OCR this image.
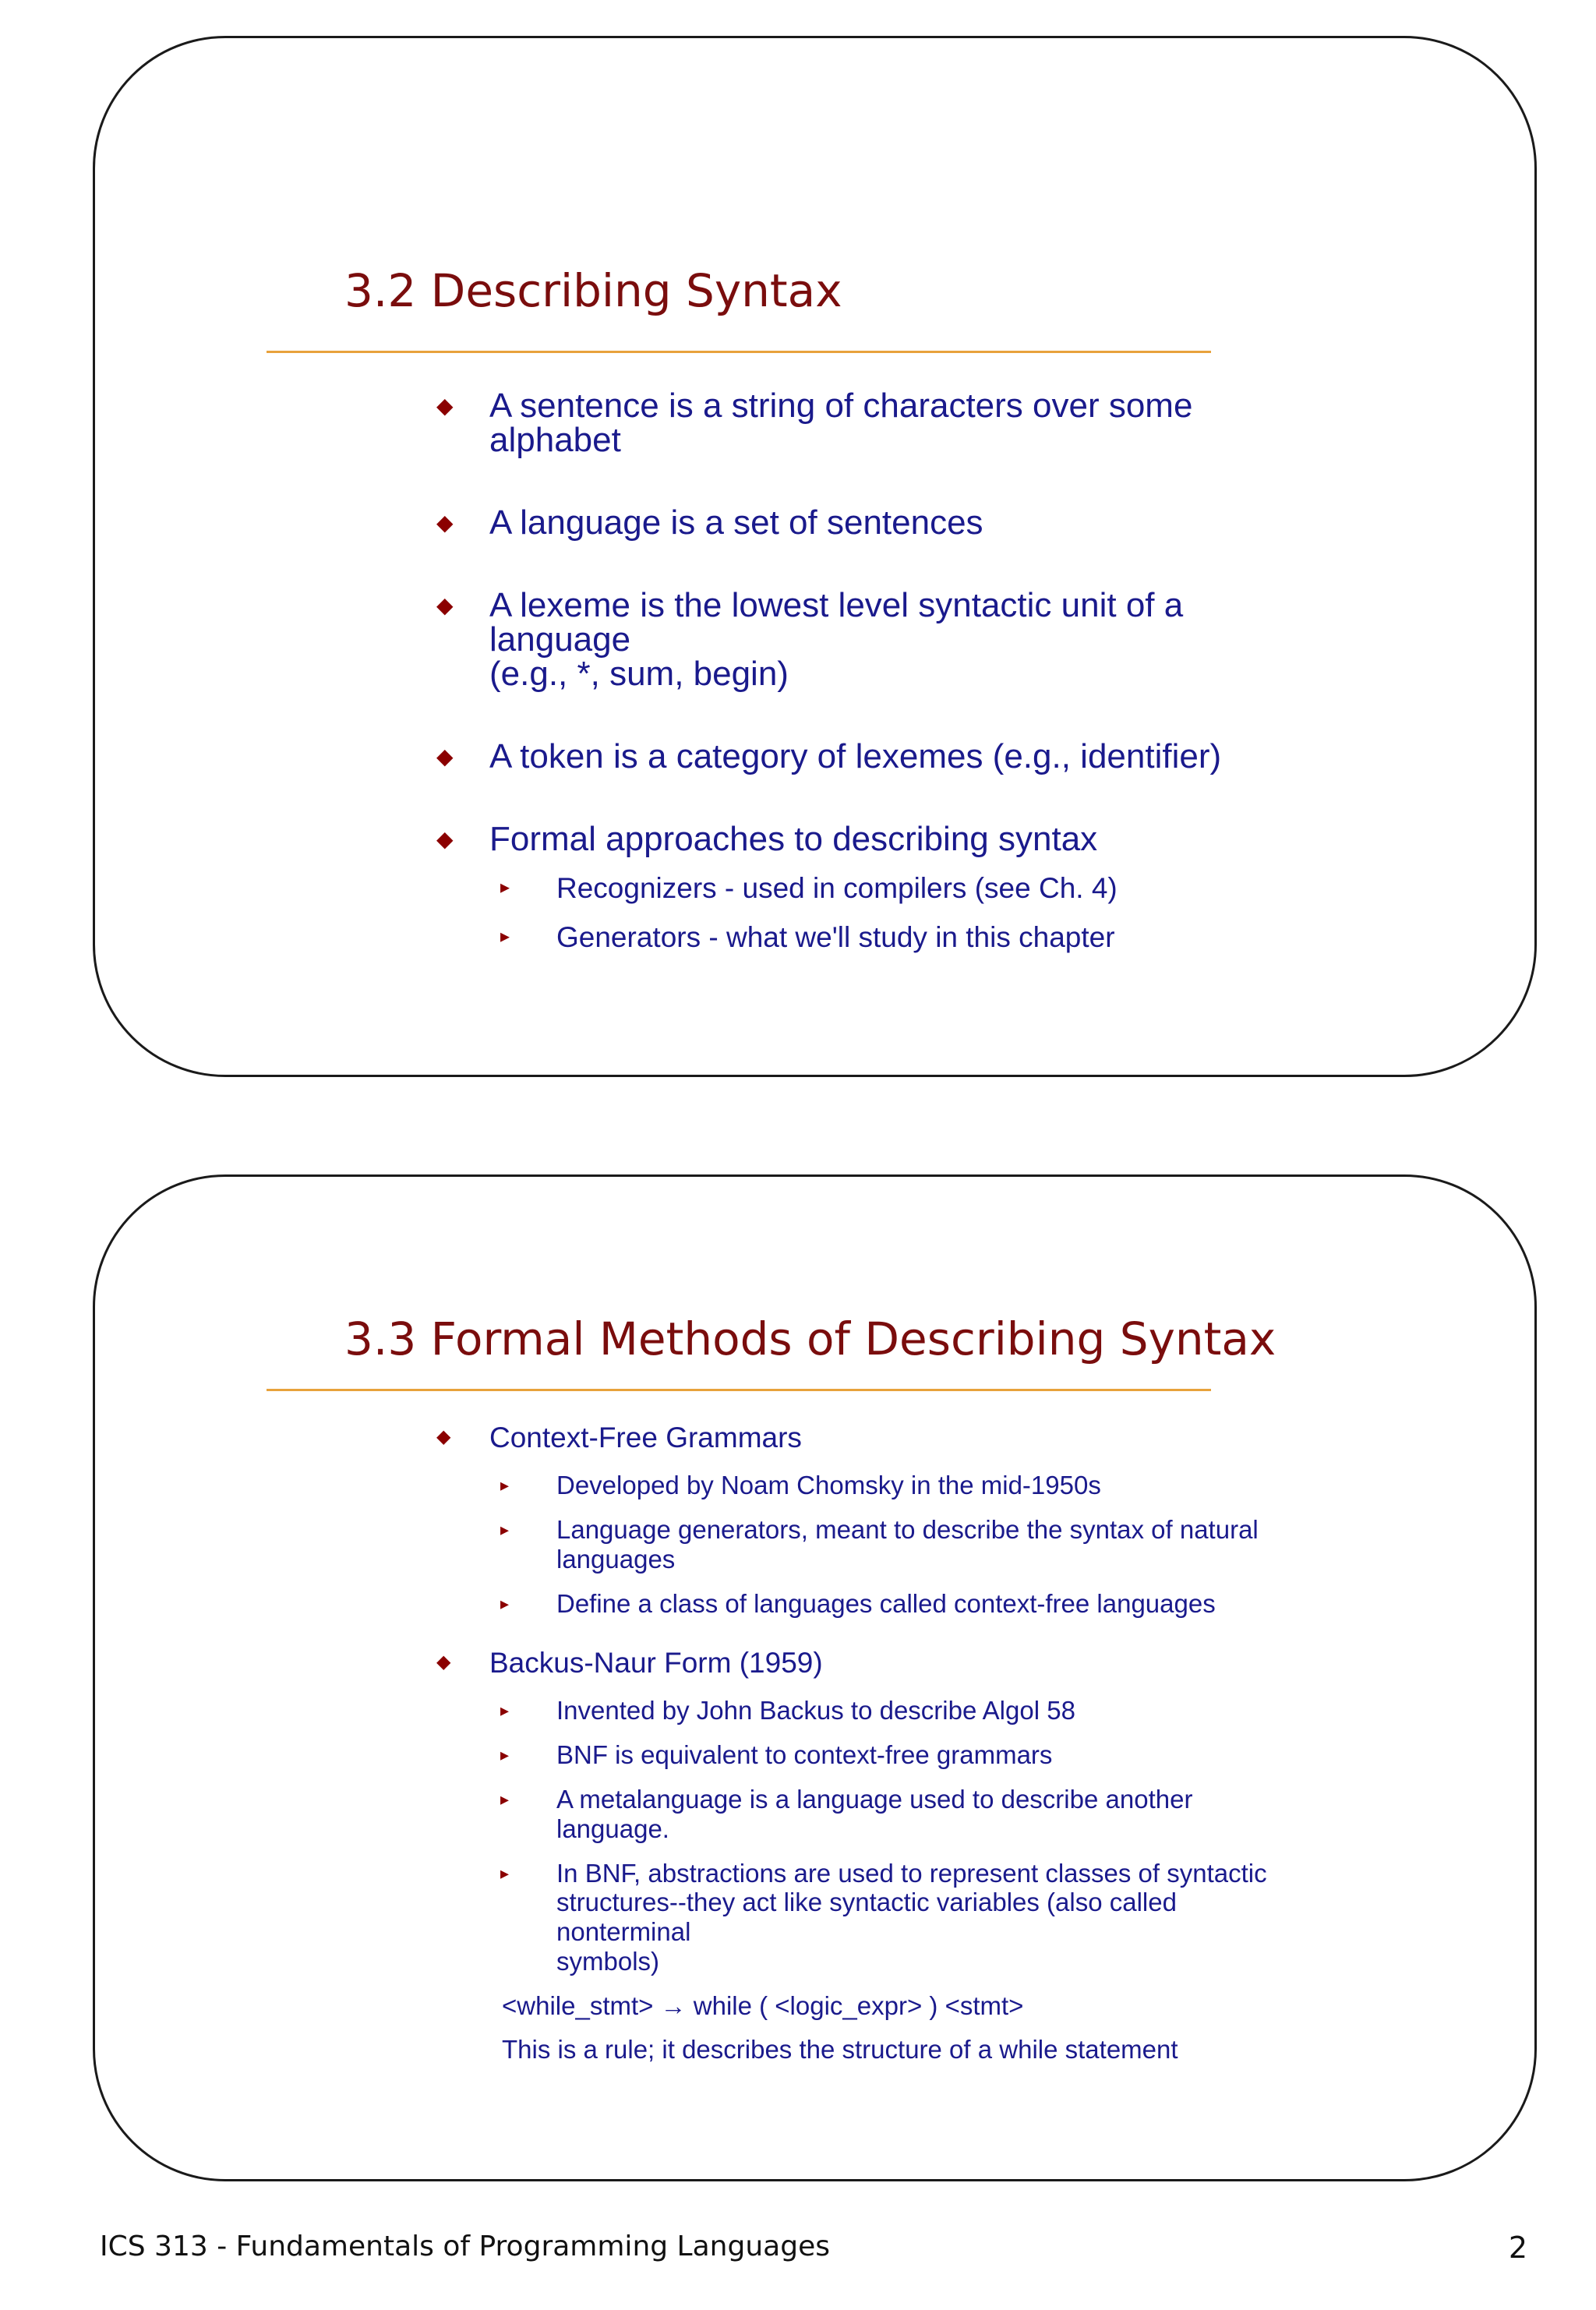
3.2 Describing Syntax
◆ A sentence is a string of characters over some alphabet
◆ A language is a set of sentences
◆ A lexeme is the lowest level syntactic unit of a language
(e.g., *, sum, begin)
◆ A token is a category of lexemes (e.g., identifier)
◆ Formal approaches to describing syntax
▸ Recognizers - used in compilers (see Ch. 4)
▸ Generators - what we'll study in this chapter
3.3 Formal Methods of Describing Syntax
◆ Context-Free Grammars
▸ Developed by Noam Chomsky in the mid-1950s
▸ Language generators, meant to describe the syntax of natural
languages
▸ Define a class of languages called context-free languages
◆ Backus-Naur Form (1959)
▸ Invented by John Backus to describe Algol 58
▸ BNF is equivalent to context-free grammars
▸ A metalanguage is a language used to describe another language.
▸ In BNF, abstractions are used to represent classes of syntactic
structures--they act like syntactic variables (also called nonterminal
symbols)
<while_stmt> → while ( <logic_expr> ) <stmt>
This is a rule; it describes the structure of a while statement
ICS 313 - Fundamentals of Programming Languages	2
